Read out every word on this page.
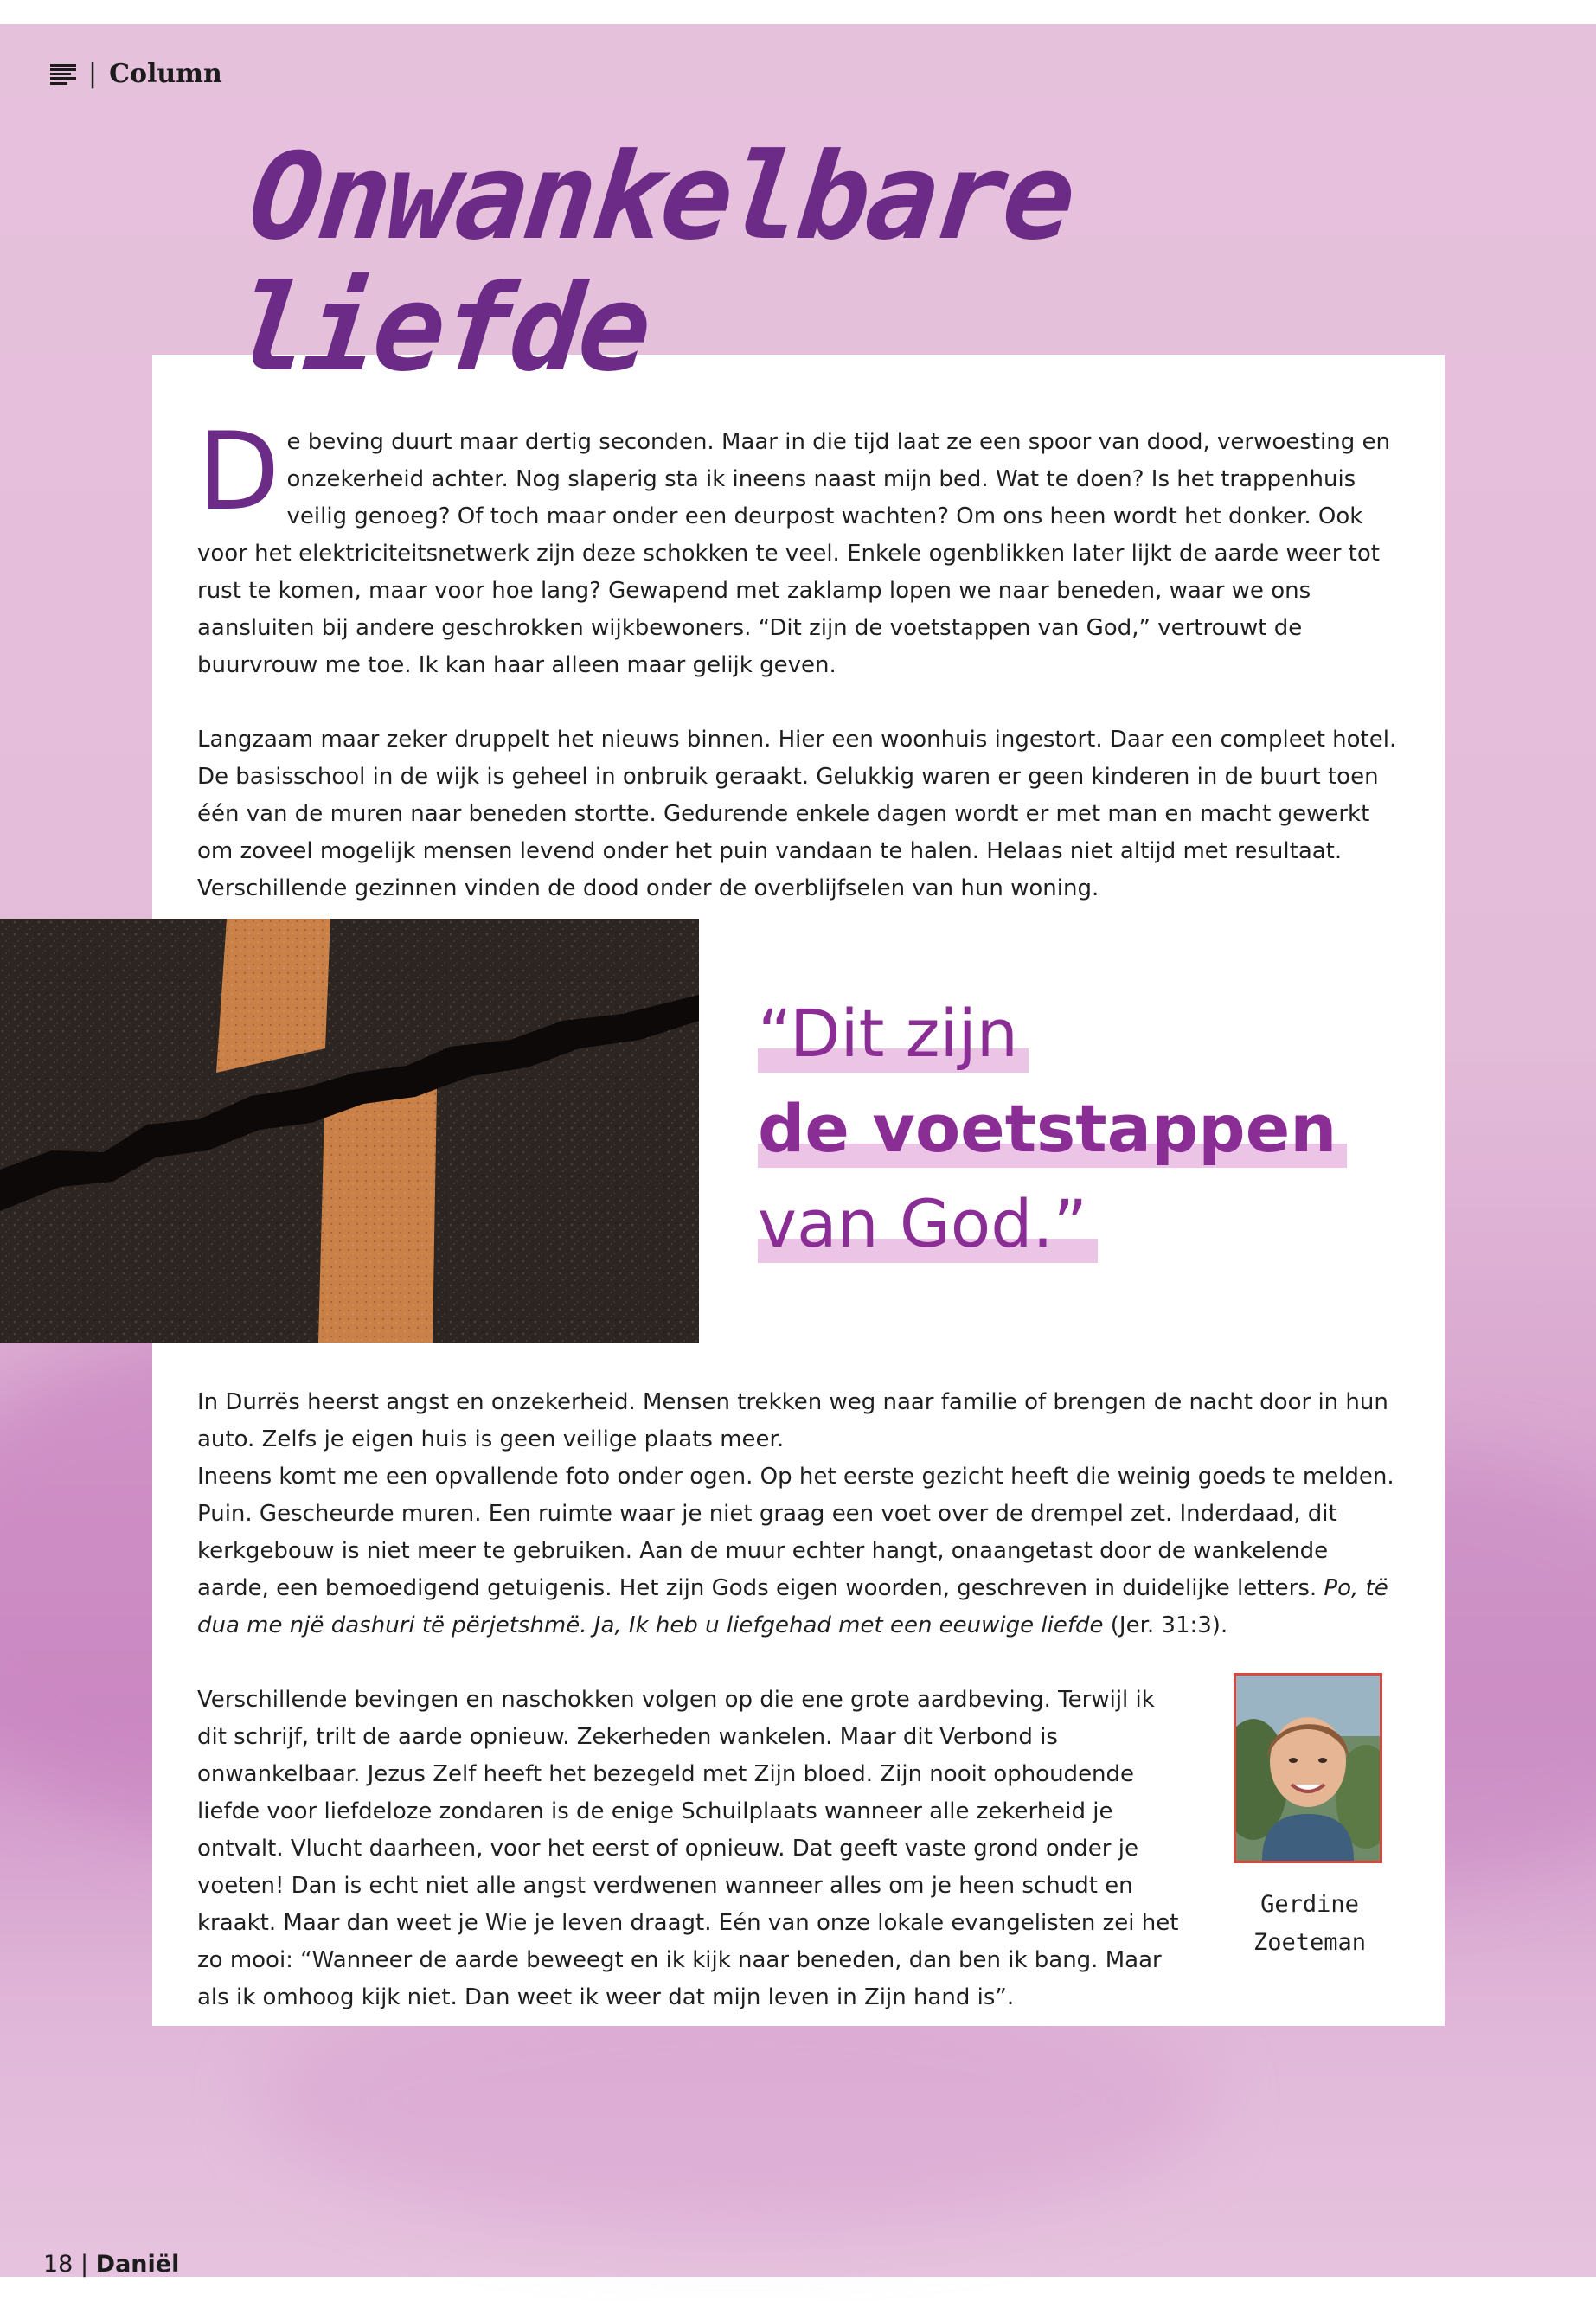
| Column
Onwankelbare
liefde

De beving duurt maar dertig seconden. Maar in die tijd laat ze een spoor van dood, verwoesting en onzekerheid achter. Nog slaperig sta ik ineens naast mijn bed. Wat te doen? Is het trappenhuis veilig genoeg? Of toch maar onder een deurpost wachten? Om ons heen wordt het donker. Ook voor het elektriciteitsnetwerk zijn deze schokken te veel. Enkele ogenblikken later lijkt de aarde weer tot rust te komen, maar voor hoe lang? Gewapend met zaklamp lopen we naar beneden, waar we ons aansluiten bij andere geschrokken wijkbewoners. “Dit zijn de voetstappen van God,” vertrouwt de buurvrouw me toe. Ik kan haar alleen maar gelijk geven.

Langzaam maar zeker druppelt het nieuws binnen. Hier een woonhuis ingestort. Daar een compleet hotel. De basisschool in de wijk is geheel in onbruik geraakt. Gelukkig waren er geen kinderen in de buurt toen één van de muren naar beneden stortte. Gedurende enkele dagen wordt er met man en macht gewerkt om zoveel mogelijk mensen levend onder het puin vandaan te halen. Helaas niet altijd met resultaat. Verschillende gezinnen vinden de dood onder de overblijfselen van hun woning.

“Dit zijn
de voetstappen
van God.”

In Durrës heerst angst en onzekerheid. Mensen trekken weg naar familie of brengen de nacht door in hun auto. Zelfs je eigen huis is geen veilige plaats meer.
Ineens komt me een opvallende foto onder ogen. Op het eerste gezicht heeft die weinig goeds te melden. Puin. Gescheurde muren. Een ruimte waar je niet graag een voet over de drempel zet. Inderdaad, dit kerkgebouw is niet meer te gebruiken. Aan de muur echter hangt, onaangetast door de wankelende aarde, een bemoedigend getuigenis. Het zijn Gods eigen woorden, geschreven in duidelijke letters. Po, të dua me një dashuri të përjetshmë. Ja, Ik heb u liefgehad met een eeuwige liefde (Jer. 31:3).

Verschillende bevingen en naschokken volgen op die ene grote aardbeving. Terwijl ik dit schrijf, trilt de aarde opnieuw. Zekerheden wankelen. Maar dit Verbond is onwankelbaar. Jezus Zelf heeft het bezegeld met Zijn bloed. Zijn nooit ophoudende liefde voor liefdeloze zondaren is de enige Schuilplaats wanneer alle zekerheid je ontvalt. Vlucht daarheen, voor het eerst of opnieuw. Dat geeft vaste grond onder je voeten! Dan is echt niet alle angst verdwenen wanneer alles om je heen schudt en kraakt. Maar dan weet je Wie je leven draagt. Eén van onze lokale evangelisten zei het zo mooi: “Wanneer de aarde beweegt en ik kijk naar beneden, dan ben ik bang. Maar als ik omhoog kijk niet. Dan weet ik weer dat mijn leven in Zijn hand is”.

Gerdine
Zoeteman
18 | Daniël
